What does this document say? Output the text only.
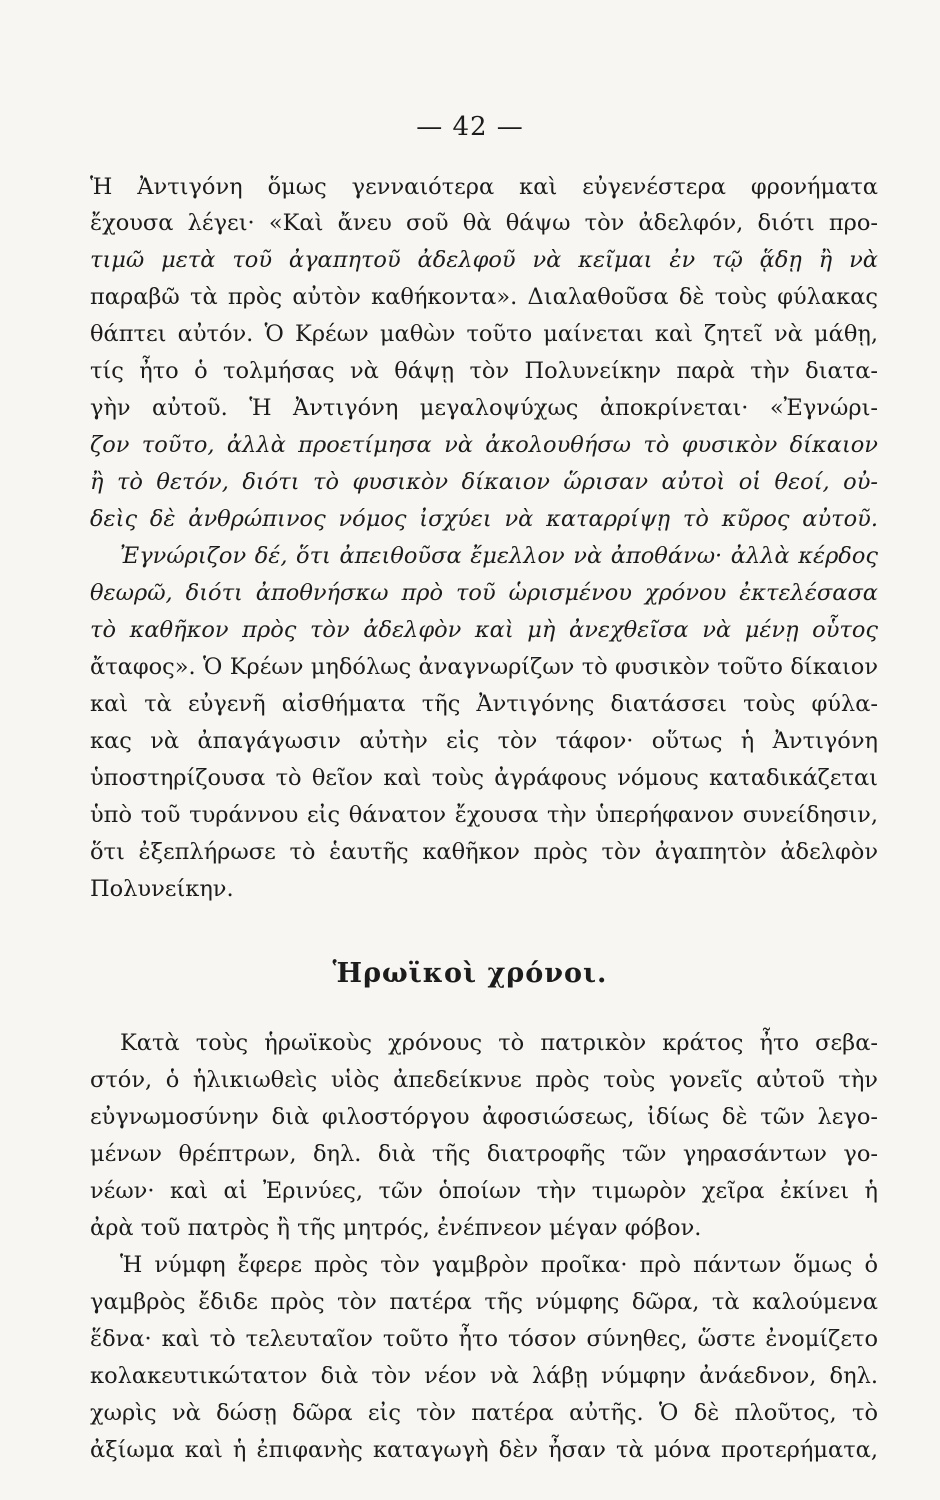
— 42 —
Ἡ Ἀντιγόνη ὅμως γενναιότερα καὶ εὐγενέστερα φρονήματα
ἔχουσα λέγει· «Καὶ ἄνευ σοῦ θὰ θάψω τὸν ἀδελφόν, διότι προ-
τιμῶ μετὰ τοῦ ἀγαπητοῦ ἀδελφοῦ νὰ κεῖμαι ἐν τῷ ᾅδῃ ἢ νὰ
παραβῶ τὰ πρὸς αὐτὸν καθήκοντα». Διαλαθοῦσα δὲ τοὺς φύλακας
θάπτει αὐτόν. Ὁ Κρέων μαθὼν τοῦτο μαίνεται καὶ ζητεῖ νὰ μάθῃ,
τίς ἦτο ὁ τολμήσας νὰ θάψῃ τὸν Πολυνείκην παρὰ τὴν διατα-
γὴν αὐτοῦ. Ἡ Ἀντιγόνη μεγαλοψύχως ἀποκρίνεται· «Ἐγνώρι-
ζον τοῦτο, ἀλλὰ προετίμησα νὰ ἀκολουθήσω τὸ φυσικὸν δίκαιον
ἢ τὸ θετόν, διότι τὸ φυσικὸν δίκαιον ὥρισαν αὐτοὶ οἱ θεοί, οὐ-
δεὶς δὲ ἀνθρώπινος νόμος ἰσχύει νὰ καταρρίψῃ τὸ κῦρος αὐτοῦ.
Ἐγνώριζον δέ, ὅτι ἀπειθοῦσα ἔμελλον νὰ ἀποθάνω· ἀλλὰ κέρδος
θεωρῶ, διότι ἀποθνήσκω πρὸ τοῦ ὡρισμένου χρόνου ἐκτελέσασα
τὸ καθῆκον πρὸς τὸν ἀδελφὸν καὶ μὴ ἀνεχθεῖσα νὰ μένῃ οὗτος
ἄταφος». Ὁ Κρέων μηδόλως ἀναγνωρίζων τὸ φυσικὸν τοῦτο δίκαιον
καὶ τὰ εὐγενῆ αἰσθήματα τῆς Ἀντιγόνης διατάσσει τοὺς φύλα-
κας νὰ ἀπαγάγωσιν αὐτὴν εἰς τὸν τάφον· οὕτως ἡ Ἀντιγόνη
ὑποστηρίζουσα τὸ θεῖον καὶ τοὺς ἀγράφους νόμους καταδικάζεται
ὑπὸ τοῦ τυράννου εἰς θάνατον ἔχουσα τὴν ὑπερήφανον συνείδησιν,
ὅτι ἐξεπλήρωσε τὸ ἑαυτῆς καθῆκον πρὸς τὸν ἀγαπητὸν ἀδελφὸν
Πολυνείκην.
Ἡρωϊκοὶ χρόνοι.
Κατὰ τοὺς ἡρωϊκοὺς χρόνους τὸ πατρικὸν κράτος ἦτο σεβα-
στόν, ὁ ἡλικιωθεὶς υἱὸς ἀπεδείκνυε πρὸς τοὺς γονεῖς αὐτοῦ τὴν
εὐγνωμοσύνην διὰ φιλοστόργου ἀφοσιώσεως, ἰδίως δὲ τῶν λεγο-
μένων θρέπτρων, δηλ. διὰ τῆς διατροφῆς τῶν γηρασάντων γο-
νέων· καὶ αἱ Ἐρινύες, τῶν ὁποίων τὴν τιμωρὸν χεῖρα ἐκίνει ἡ
ἀρὰ τοῦ πατρὸς ἢ τῆς μητρός, ἐνέπνεον μέγαν φόβον.
Ἡ νύμφη ἔφερε πρὸς τὸν γαμβρὸν προῖκα· πρὸ πάντων ὅμως ὁ
γαμβρὸς ἔδιδε πρὸς τὸν πατέρα τῆς νύμφης δῶρα, τὰ καλούμενα
ἕδνα· καὶ τὸ τελευταῖον τοῦτο ἦτο τόσον σύνηθες, ὥστε ἐνομίζετο
κολακευτικώτατον διὰ τὸν νέον νὰ λάβῃ νύμφην ἀνάεδνον, δηλ.
χωρὶς νὰ δώσῃ δῶρα εἰς τὸν πατέρα αὐτῆς. Ὁ δὲ πλοῦτος, τὸ
ἀξίωμα καὶ ἡ ἐπιφανὴς καταγωγὴ δὲν ἦσαν τὰ μόνα προτερήματα,
